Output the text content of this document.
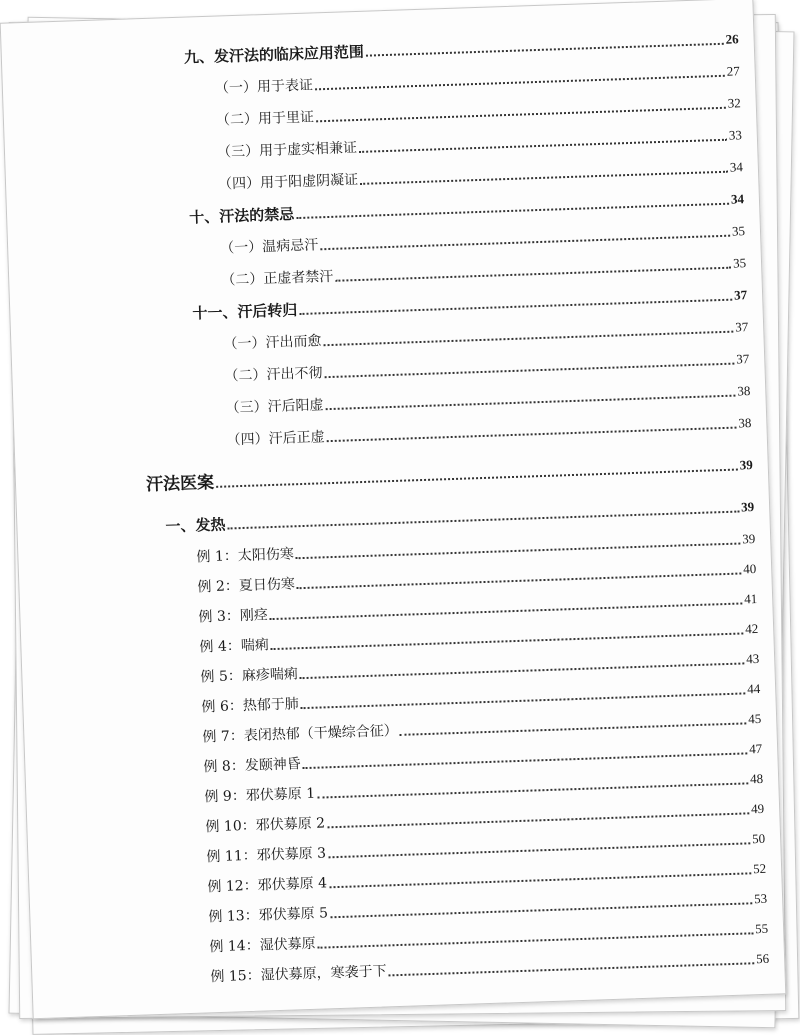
九、发汗法的临床应用范围
26
（一）用于表证
27
（二）用于里证
32
（三）用于虚实相兼证
33
（四）用于阳虚阴凝证
34
十、汗法的禁忌
34
（一）温病忌汗
35
（二）正虚者禁汗
35
十一、汗后转归
37
（一）汗出而愈
37
（二）汗出不彻
37
（三）汗后阳虚
38
（四）汗后正虚
38
汗法医案
39
一、发热
39
例 1：太阳伤寒
39
例 2：夏日伤寒
40
例 3：刚痉
41
例 4：喘痢
42
例 5：麻疹喘痢
43
例 6：热郁于肺
44
例 7：表闭热郁（干燥综合征）
45
例 8：发颐神昏
47
例 9：邪伏募原 1
48
例 10：邪伏募原 2
49
例 11：邪伏募原 3
50
例 12：邪伏募原 4
52
例 13：邪伏募原 5
53
例 14：湿伏募原
55
例 15：湿伏募原，寒袭于下
56
